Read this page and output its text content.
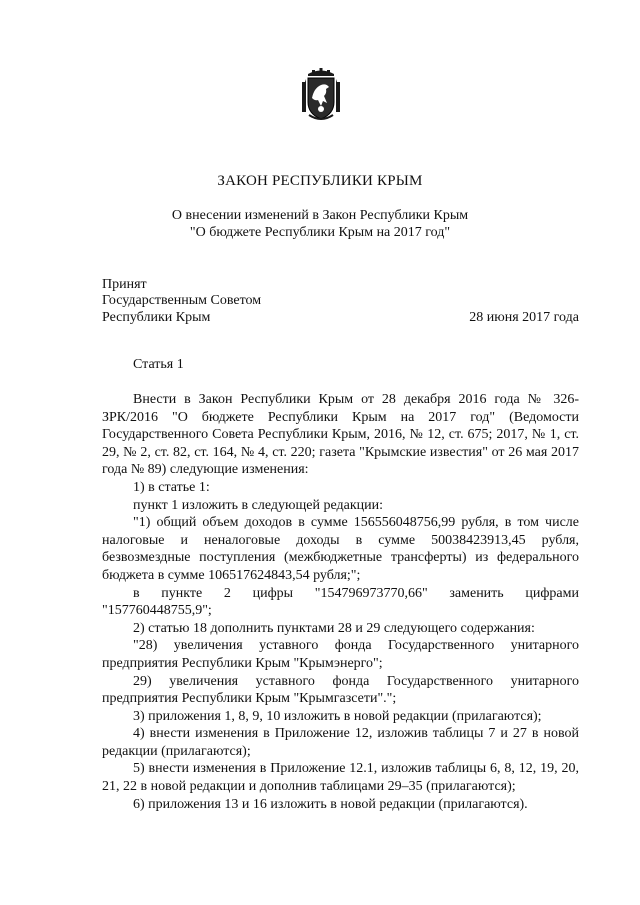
ЗАКОН РЕСПУБЛИКИ КРЫМ
О внесении изменений в Закон Республики Крым
"О бюджете Республики Крым на 2017 год"
Принят
Государственным Советом
Республики Крым	28 июня 2017 года
Статья 1

Внести в Закон Республики Крым от 28 декабря 2016 года № 326-ЗРК/2016 "О бюджете Республики Крым на 2017 год" (Ведомости Государственного Совета Республики Крым, 2016, № 12, ст. 675; 2017, № 1, ст. 29, № 2, ст. 82, ст. 164, № 4, ст. 220; газета "Крымские известия" от 26 мая 2017 года № 89) следующие изменения:

1) в статье 1:

пункт 1 изложить в следующей редакции:

"1) общий объем доходов в сумме 156556048756,99 рубля, в том числе налоговые и неналоговые доходы в сумме 50038423913,45 рубля, безвозмездные поступления (межбюджетные трансферты) из федерального бюджета в сумме 106517624843,54 рубля;";

в пункте 2 цифры "154796973770,66" заменить цифрами "157760448755,9";

2) статью 18 дополнить пунктами 28 и 29 следующего содержания:

"28) увеличения уставного фонда Государственного унитарного предприятия Республики Крым "Крымэнерго";

29) увеличения уставного фонда Государственного унитарного предприятия Республики Крым "Крымгазсети".";

3) приложения 1, 8, 9, 10 изложить в новой редакции (прилагаются);

4) внести изменения в Приложение 12, изложив таблицы 7 и 27 в новой редакции (прилагаются);

5) внести изменения в Приложение 12.1, изложив таблицы 6, 8, 12, 19, 20, 21, 22 в новой редакции и дополнив таблицами 29–35 (прилагаются);

6) приложения 13 и 16 изложить в новой редакции (прилагаются).
